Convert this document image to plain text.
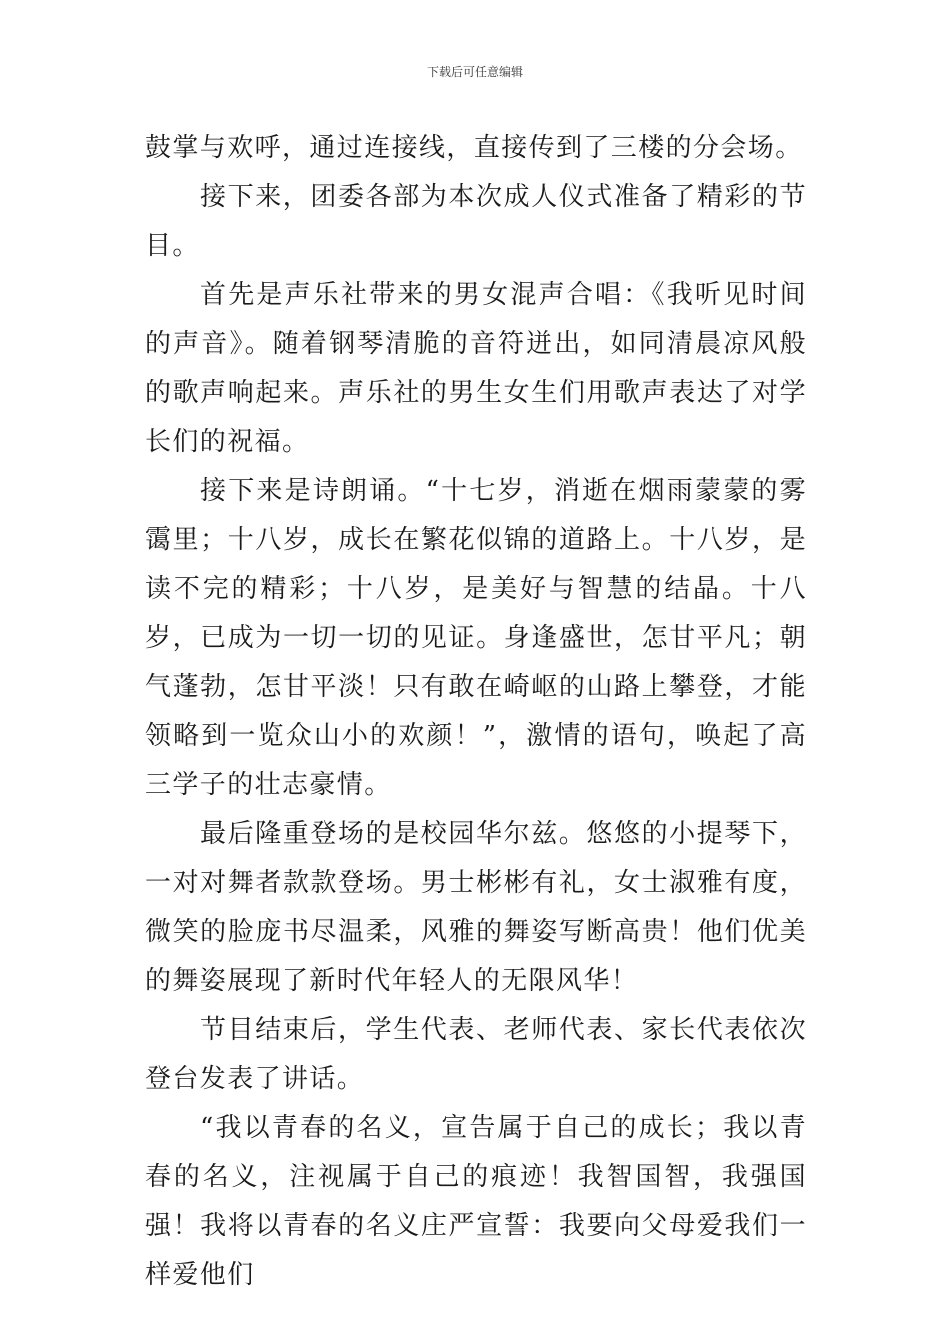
下载后可任意编辑

鼓掌与欢呼，通过连接线，直接传到了三楼的分会场。

接下来，团委各部为本次成人仪式准备了精彩的节目。

首先是声乐社带来的男女混声合唱：《我听见时间的声音》。随着钢琴清脆的音符迸出，如同清晨凉风般的歌声响起来。声乐社的男生女生们用歌声表达了对学长们的祝福。

接下来是诗朗诵。“十七岁，消逝在烟雨蒙蒙的雾霭里；十八岁，成长在繁花似锦的道路上。十八岁，是读不完的精彩；十八岁，是美好与智慧的结晶。十八岁，已成为一切一切的见证。身逢盛世，怎甘平凡；朝气蓬勃，怎甘平淡！只有敢在崎岖的山路上攀登，才能领略到一览众山小的欢颜！”，激情的语句，唤起了高三学子的壮志豪情。

最后隆重登场的是校园华尔兹。悠悠的小提琴下，一对对舞者款款登场。男士彬彬有礼，女士淑雅有度，微笑的脸庞书尽温柔，风雅的舞姿写断高贵！他们优美的舞姿展现了新时代年轻人的无限风华！

节目结束后，学生代表、老师代表、家长代表依次登台发表了讲话。

“我以青春的名义，宣告属于自己的成长；我以青春的名义，注视属于自己的痕迹！我智国智，我强国强！我将以青春的名义庄严宣誓：我要向父母爱我们一样爱他们
